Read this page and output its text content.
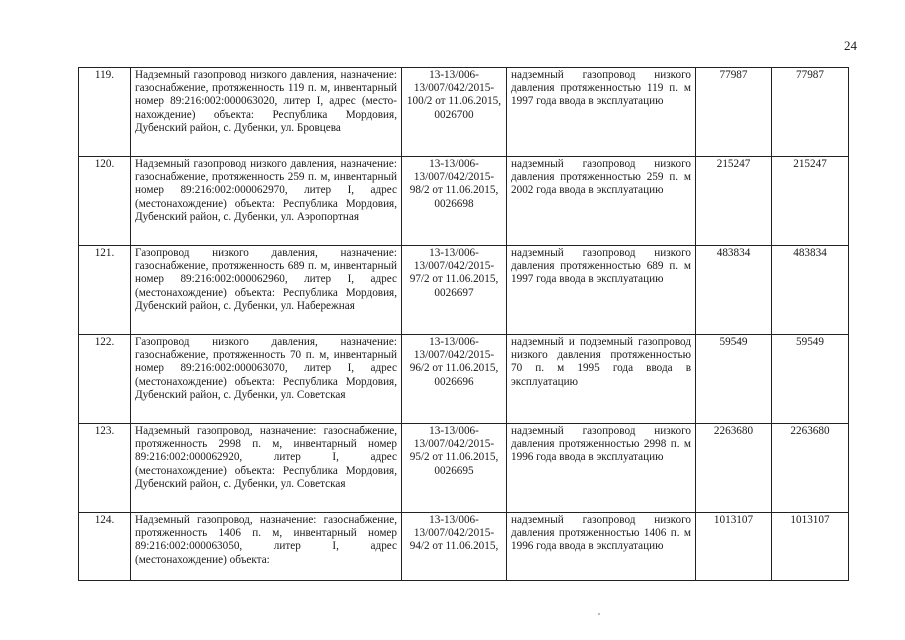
24
119.	Надземный газопровод низкого давления, назначение: газоснабжение, протяженность 119 п. м, инвентарный номер 89:216:002:000063020, литер I, адрес (место-нахождение) объекта: Республика Мордовия, Дубенский район, с. Дубенки, ул. Бровцева	13-13/006-13/007/042/2015-100/2 от 11.06.2015, 0026700	надземный газопровод низкого давления протяженностью 119 п. м 1997 года ввода в эксплуатацию	77987	77987
120.	Надземный газопровод низкого давления, назначение: газоснабжение, протяженность 259 п. м, инвентарный номер 89:216:002:000062970, литер I, адрес (местонахождение) объекта: Республика Мордовия, Дубенский район, с. Дубенки, ул. Аэропортная	13-13/006-13/007/042/2015-98/2 от 11.06.2015, 0026698	надземный газопровод низкого давления протяженностью 259 п. м 2002 года ввода в эксплуатацию	215247	215247
121.	Газопровод низкого давления, назначение: газоснабжение, протяженность 689 п. м, инвентарный номер 89:216:002:000062960, литер I, адрес (местонахождение) объекта: Республика Мордовия, Дубенский район, с. Дубенки, ул. Набережная	13-13/006-13/007/042/2015-97/2 от 11.06.2015, 0026697	надземный газопровод низкого давления протяженностью 689 п. м 1997 года ввода в эксплуатацию	483834	483834
122.	Газопровод низкого давления, назначение: газоснабжение, протяженность 70 п. м, инвентарный номер 89:216:002:000063070, литер I, адрес (местонахождение) объекта: Республика Мордовия, Дубенский район, с. Дубенки, ул. Советская	13-13/006-13/007/042/2015-96/2 от 11.06.2015, 0026696	надземный и подземный газопровод низкого давления протяженностью 70 п. м 1995 года ввода в эксплуатацию	59549	59549
123.	Надземный газопровод, назначение: газоснабжение, протяженность 2998 п. м, инвентарный номер 89:216:002:000062920, литер I, адрес (местонахождение) объекта: Республика Мордовия, Дубенский район, с. Дубенки, ул. Советская	13-13/006-13/007/042/2015-95/2 от 11.06.2015, 0026695	надземный газопровод низкого давления протяженностью 2998 п. м 1996 года ввода в эксплуатацию	2263680	2263680
124.	Надземный газопровод, назначение: газоснабжение, протяженность 1406 п. м, инвентарный номер 89:216:002:000063050, литер I, адрес (местонахождение) объекта:	13-13/006-13/007/042/2015-94/2 от 11.06.2015,	надземный газопровод низкого давления протяженностью 1406 п. м 1996 года ввода в эксплуатацию	1013107	1013107
